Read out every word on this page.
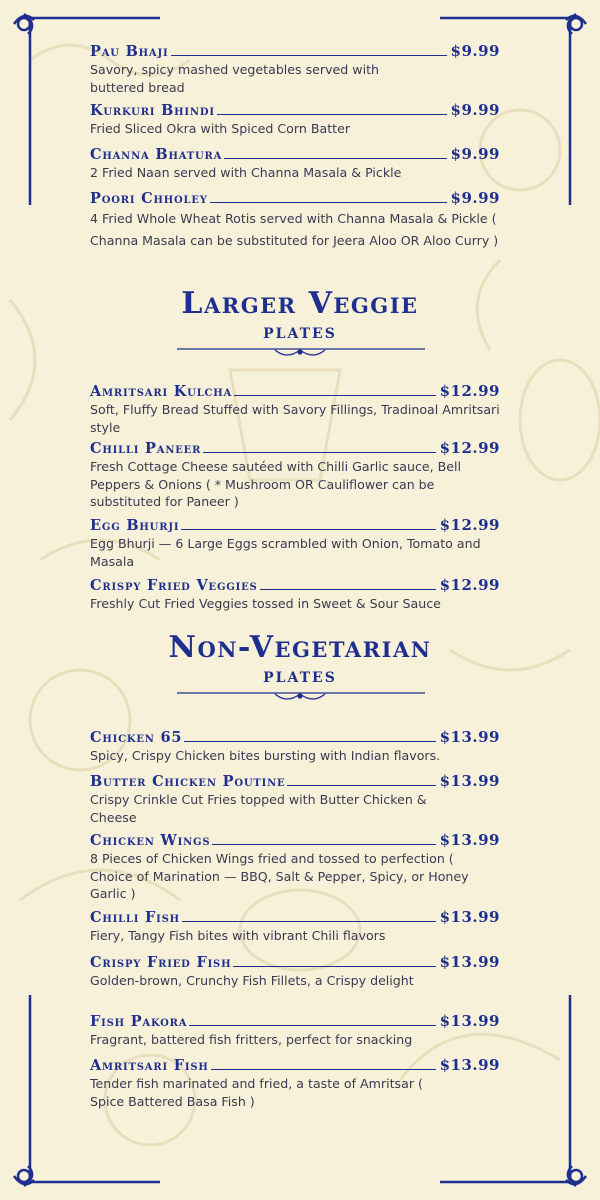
Pau Bhaji	$9.99
Savory, spicy mashed vegetables served with buttered bread
Kurkuri Bhindi	$9.99
Fried Sliced Okra with Spiced Corn Batter
Channa Bhatura	$9.99
2 Fried Naan served with Channa Masala & Pickle
Poori Chholey	$9.99
4 Fried Whole Wheat Rotis served with Channa Masala & Pickle ( Channa Masala can be substituted for Jeera Aloo OR Aloo Curry )
Larger Veggie
plates
Amritsari Kulcha	$12.99
Soft, Fluffy Bread Stuffed with Savory Fillings, Tradinoal Amritsari style
Chilli Paneer	$12.99
Fresh Cottage Cheese sautéed with Chilli Garlic sauce, Bell Peppers & Onions ( * Mushroom OR Cauliflower can be substituted for Paneer )
Egg Bhurji	$12.99
Egg Bhurji — 6 Large Eggs scrambled with Onion, Tomato and Masala
Crispy Fried Veggies	$12.99
Freshly Cut Fried Veggies tossed in Sweet & Sour Sauce
Non-Vegetarian
plates
Chicken 65	$13.99
Spicy, Crispy Chicken bites bursting with Indian flavors.
Butter Chicken Poutine	$13.99
Crispy Crinkle Cut Fries topped with Butter Chicken & Cheese
Chicken Wings	$13.99
8 Pieces of Chicken Wings fried and tossed to perfection ( Choice of Marination — BBQ, Salt & Pepper, Spicy, or Honey Garlic )
Chilli Fish	$13.99
Fiery, Tangy Fish bites with vibrant Chili flavors
Crispy Fried Fish	$13.99
Golden-brown, Crunchy Fish Fillets, a Crispy delight
Fish Pakora	$13.99
Fragrant, battered fish fritters, perfect for snacking
Amritsari Fish	$13.99
Tender fish marinated and fried, a taste of Amritsar ( Spice Battered Basa Fish )
